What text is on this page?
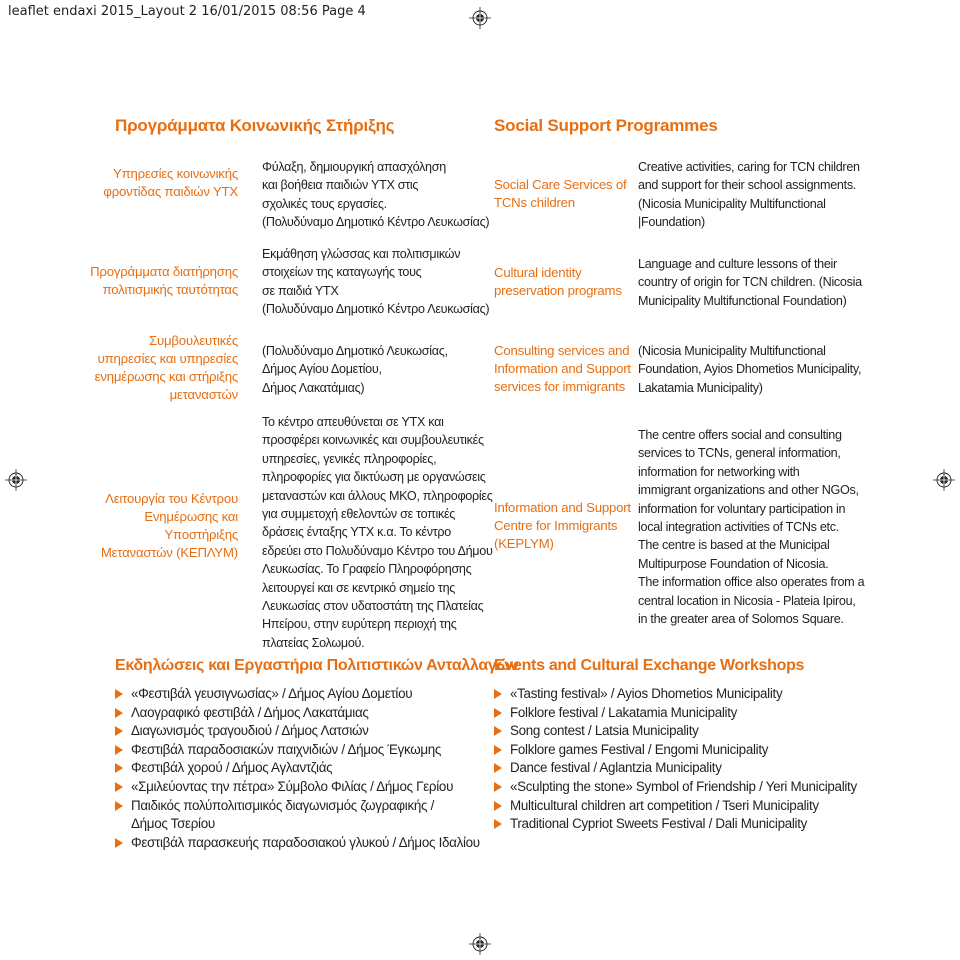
leaflet endaxi 2015_Layout 2 16/01/2015 08:56 Page 4
Προγράμματα Κοινωνικής Στήριξης
Υπηρεσίες κοινωνικής
φροντίδας παιδιών ΥΤΧ
Φύλαξη, δημιουργική απασχόληση
και βοήθεια παιδιών ΥΤΧ στις
σχολικές τους εργασίες.
(Πολυδύναμο Δημοτικό Κέντρο Λευκωσίας)
Προγράμματα διατήρησης
πολιτισμικής ταυτότητας
Εκμάθηση γλώσσας και πολιτισμικών
στοιχείων της καταγωγής τους
σε παιδιά ΥΤΧ
(Πολυδύναμο Δημοτικό Κέντρο Λευκωσίας)
Συμβουλευτικές
υπηρεσίες και υπηρεσίες
ενημέρωσης και στήριξης
μεταναστών
(Πολυδύναμο Δημοτικό Λευκωσίας,
Δήμος Αγίου Δομετίου,
Δήμος Λακατάμιας)
Λειτουργία του Κέντρου
Ενημέρωσης και
Υποστήριξης
Μεταναστών (ΚΕΠΛΥΜ)
Το κέντρο απευθύνεται σε ΥΤΧ και
προσφέρει κοινωνικές και συμβουλευτικές
υπηρεσίες, γενικές πληροφορίες,
πληροφορίες για δικτύωση με οργανώσεις
μεταναστών και άλλους ΜΚΟ, πληροφορίες
για συμμετοχή εθελοντών σε τοπικές
δράσεις ένταξης ΥΤΧ κ.α. Το κέντρο
εδρεύει στο Πολυδύναμο Κέντρο του Δήμου
Λευκωσίας. Το Γραφείο Πληροφόρησης
λειτουργεί και σε κεντρικό σημείο της
Λευκωσίας στον υδατοστάτη της Πλατείας
Ηπείρου, στην ευρύτερη περιοχή της
πλατείας Σολωμού.
Εκδηλώσεις και Εργαστήρια Πολιτιστικών Ανταλλαγών
«Φεστιβάλ γευσιγνωσίας» / Δήμος Αγίου Δομετίου
Λαογραφικό φεστιβάλ / Δήμος Λακατάμιας
Διαγωνισμός τραγουδιού / Δήμος Λατσιών
Φεστιβάλ παραδοσιακών παιχνιδιών / Δήμος Έγκωμης
Φεστιβάλ χορού / Δήμος Αγλαντζιάς
«Σμιλεύοντας την πέτρα» Σύμβολο Φιλίας / Δήμος Γερίου
Παιδικός πολύπολιτισμικός διαγωνισμός ζωγραφικής /
Δήμος Τσερίου
Φεστιβάλ παρασκευής παραδοσιακού γλυκού / Δήμος Ιδαλίου
Social Support Programmes
Social Care Services of
TCNs children
Creative activities, caring for TCN children
and support for their school assignments.
(Nicosia Municipality Multifunctional
|Foundation)
Cultural identity
preservation programs
Language and culture lessons of their
country of origin for TCN children. (Nicosia
Municipality Multifunctional Foundation)
Consulting services and
Information and Support
services for immigrants
(Nicosia Municipality Multifunctional
Foundation, Ayios Dhometios Municipality,
Lakatamia Municipality)
Information and Support
Centre for Immigrants
(KEPLYM)
The centre offers social and consulting
services to TCNs, general information,
information for networking with
immigrant organizations and other NGOs,
information for voluntary participation in
local integration activities of TCNs etc.
The centre is based at the Municipal
Multipurpose Foundation of Nicosia.
The information office also operates from a
central location in Nicosia - Plateia Ipirou,
in the greater area of Solomos Square.
Events and Cultural Exchange Workshops
«Tasting festival» / Ayios Dhometios Municipality
Folklore festival / Lakatamia Municipality
Song contest / Latsia Municipality
Folklore games Festival / Engomi Municipality
Dance festival / Aglantzia Municipality
«Sculpting the stone» Symbol of Friendship / Yeri Municipality
Multicultural children art competition / Tseri Municipality
Traditional Cypriot Sweets Festival / Dali Municipality
